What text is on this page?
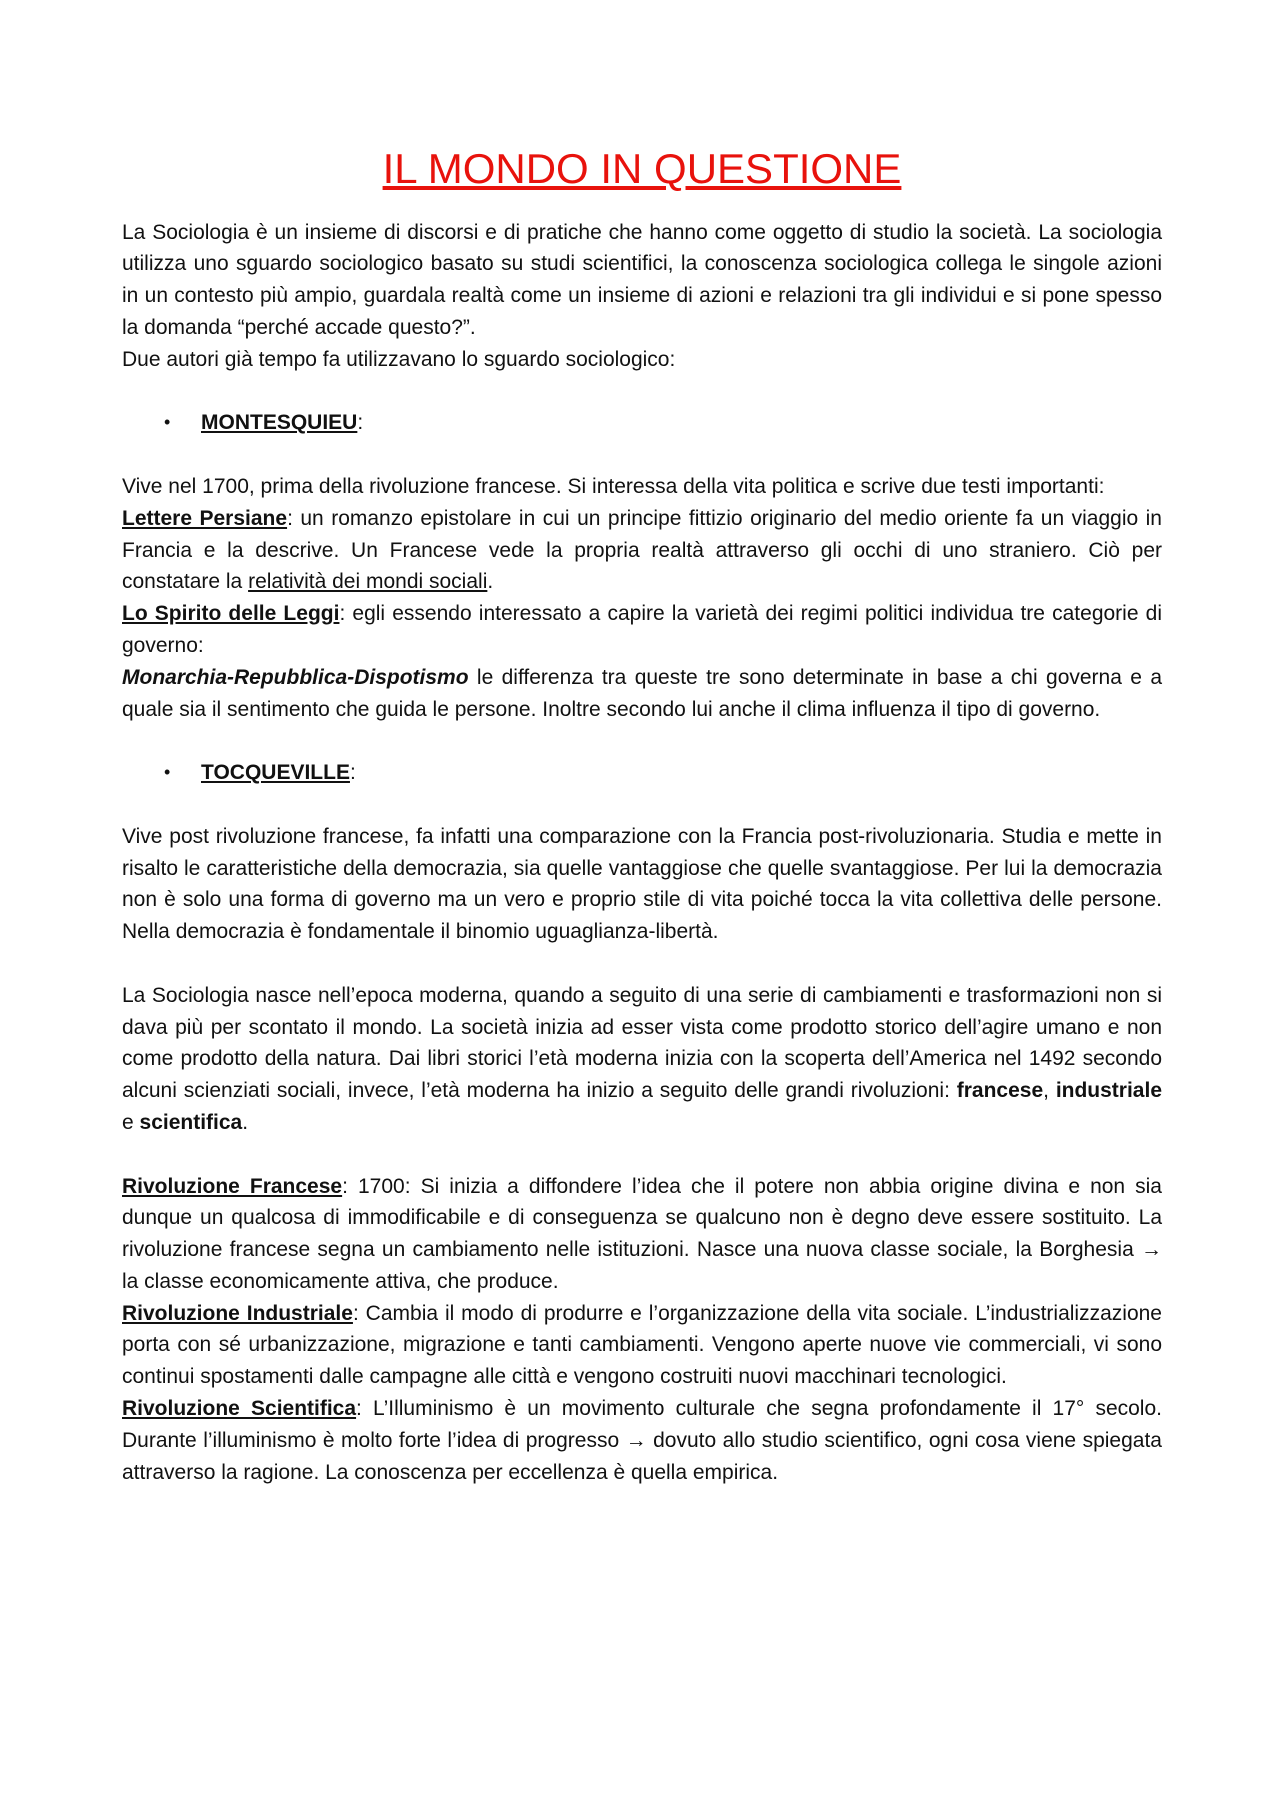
IL MONDO IN QUESTIONE

La Sociologia è un insieme di discorsi e di pratiche che hanno come oggetto di studio la società. La sociologia utilizza uno sguardo sociologico basato su studi scientifici, la conoscenza sociologica collega le singole azioni in un contesto più ampio, guardala realtà come un insieme di azioni e relazioni tra gli individui e si pone spesso la domanda “perché accade questo?”.

Due autori già tempo fa utilizzavano lo sguardo sociologico:

• MONTESQUIEU:

Vive nel 1700, prima della rivoluzione francese. Si interessa della vita politica e scrive due testi importanti:

Lettere Persiane: un romanzo epistolare in cui un principe fittizio originario del medio oriente fa un viaggio in Francia e la descrive. Un Francese vede la propria realtà attraverso gli occhi di uno straniero. Ciò per constatare la relatività dei mondi sociali.

Lo Spirito delle Leggi: egli essendo interessato a capire la varietà dei regimi politici individua tre categorie di governo:

Monarchia-Repubblica-Dispotismo le differenza tra queste tre sono determinate in base a chi governa e a quale sia il sentimento che guida le persone. Inoltre secondo lui anche il clima influenza il tipo di governo.

• TOCQUEVILLE:

Vive post rivoluzione francese, fa infatti una comparazione con la Francia post-rivoluzionaria. Studia e mette in risalto le caratteristiche della democrazia, sia quelle vantaggiose che quelle svantaggiose. Per lui la democrazia non è solo una forma di governo ma un vero e proprio stile di vita poiché tocca la vita collettiva delle persone. Nella democrazia è fondamentale il binomio uguaglianza-libertà.

La Sociologia nasce nell’epoca moderna, quando a seguito di una serie di cambiamenti e trasformazioni non si dava più per scontato il mondo. La società inizia ad esser vista come prodotto storico dell’agire umano e non come prodotto della natura. Dai libri storici l’età moderna inizia con la scoperta dell’America nel 1492 secondo alcuni scienziati sociali, invece, l’età moderna ha inizio a seguito delle grandi rivoluzioni: francese, industriale e scientifica.

Rivoluzione Francese: 1700: Si inizia a diffondere l’idea che il potere non abbia origine divina e non sia dunque un qualcosa di immodificabile e di conseguenza se qualcuno non è degno deve essere sostituito. La rivoluzione francese segna un cambiamento nelle istituzioni. Nasce una nuova classe sociale, la Borghesia → la classe economicamente attiva, che produce.

Rivoluzione Industriale: Cambia il modo di produrre e l’organizzazione della vita sociale. L’industrializzazione porta con sé urbanizzazione, migrazione e tanti cambiamenti. Vengono aperte nuove vie commerciali, vi sono continui spostamenti dalle campagne alle città e vengono costruiti nuovi macchinari tecnologici.

Rivoluzione Scientifica: L’Illuminismo è un movimento culturale che segna profondamente il 17° secolo. Durante l’illuminismo è molto forte l’idea di progresso → dovuto allo studio scientifico, ogni cosa viene spiegata attraverso la ragione. La conoscenza per eccellenza è quella empirica.
